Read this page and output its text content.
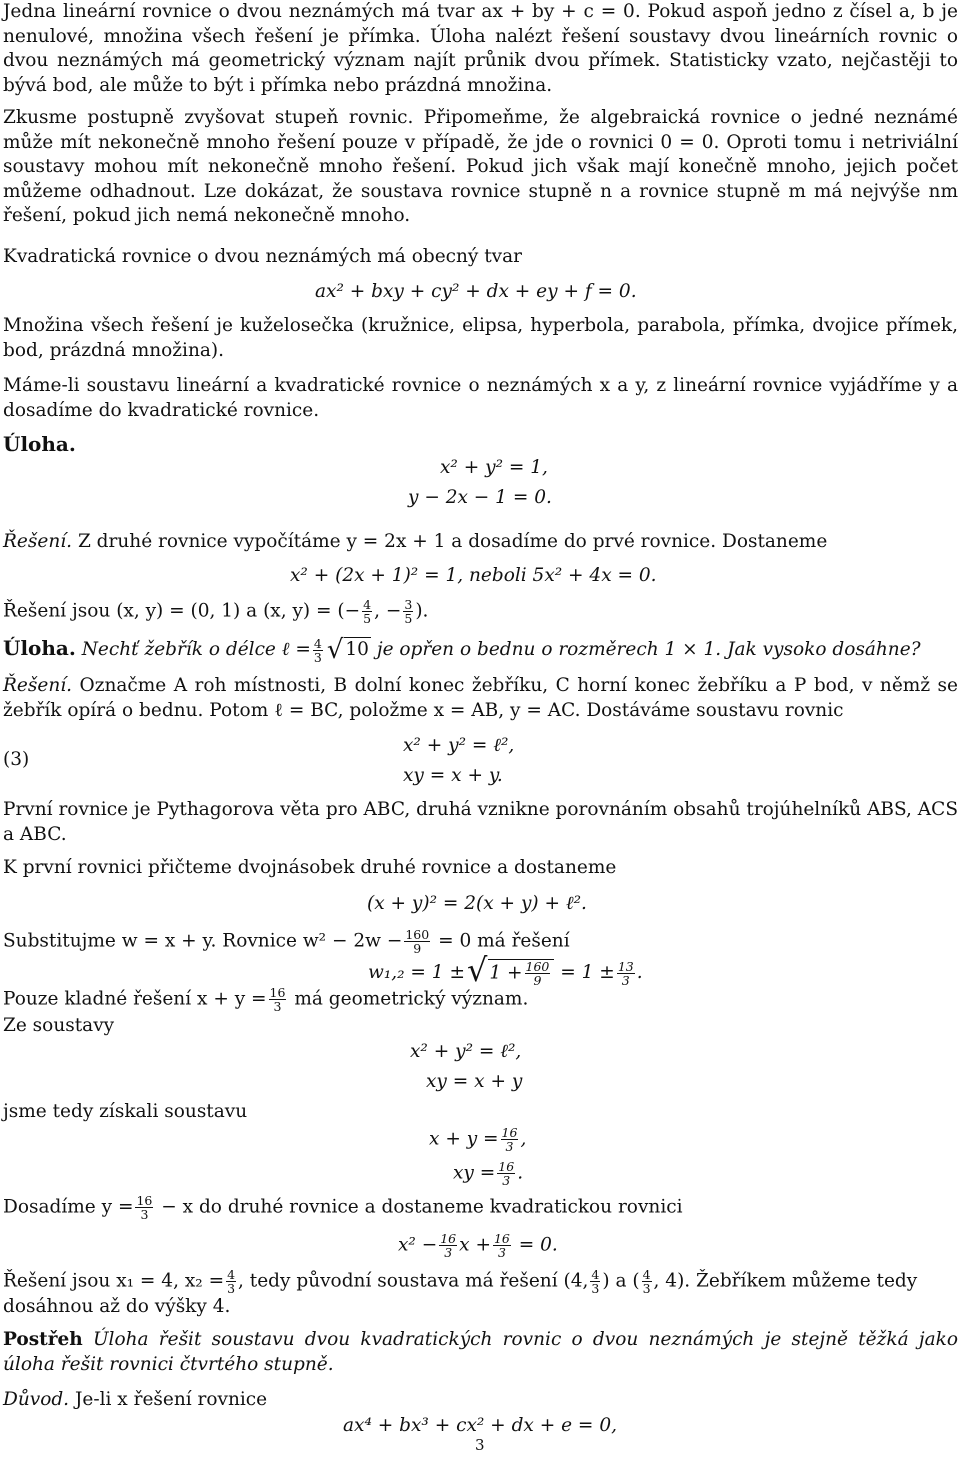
Jedna lineární rovnice o dvou neznámých má tvar ax + by + c = 0. Pokud aspoň jedno z čísel a, b je nenulové, množina všech řešení je přímka. Úloha nalézt řešení soustavy dvou lineárních rovnic o dvou neznámých má geometrický význam najít průnik dvou přímek. Statisticky vzato, nejčastěji to bývá bod, ale může to být i přímka nebo prázdná množina.
Zkusme postupně zvyšovat stupeň rovnic. Připomeňme, že algebraická rovnice o jedné neznámé může mít nekonečně mnoho řešení pouze v případě, že jde o rovnici 0 = 0. Oproti tomu i netriviální soustavy mohou mít nekonečně mnoho řešení. Pokud jich však mají konečně mnoho, jejich počet můžeme odhadnout. Lze dokázat, že soustava rovnice stupně n a rovnice stupně m má nejvýše nm řešení, pokud jich nemá nekonečně mnoho.
Kvadratická rovnice o dvou neznámých má obecný tvar
ax² + bxy + cy² + dx + ey + f = 0.
Množina všech řešení je kuželosečka (kružnice, elipsa, hyperbola, parabola, přímka, dvojice přímek, bod, prázdná množina).
Máme-li soustavu lineární a kvadratické rovnice o neznámých x a y, z lineární rovnice vyjádříme y a dosadíme do kvadratické rovnice.
Úloha.
x² + y² = 1,
y − 2x − 1 = 0.
Řešení. Z druhé rovnice vypočítáme y = 2x + 1 a dosadíme do prvé rovnice. Dostaneme
x² + (2x + 1)² = 1, neboli 5x² + 4x = 0.
Řešení jsou (x, y) = (0, 1) a (x, y) = (− $\frac{4}{5}$ , − $\frac{3}{5}$ ).
Úloha. Nechť žebřík o délce ℓ = $\frac{4}{3}$ √ 10 je opřen o bednu o rozměrech 1 × 1. Jak vysoko dosáhne?
Řešení. Označme A roh místnosti, B dolní konec žebříku, C horní konec žebříku a P bod, v němž se žebřík opírá o bednu. Potom ℓ = BC, položme x = AB, y = AC. Dostáváme soustavu rovnic
(3)
x² + y² = ℓ²,
xy = x + y.
První rovnice je Pythagorova věta pro ABC, druhá vznikne porovnáním obsahů trojúhelníků ABS, ACS a ABC.
K první rovnici přičteme dvojnásobek druhé rovnice a dostaneme
(x + y)² = 2(x + y) + ℓ².
Substitujme w = x + y. Rovnice $w^2 - 2w - \frac{160}{9} = 0$ má řešení
w₁,₂ = 1 ±√ $1 + \frac{160}{9} = 1 \pm \frac{13}{3}$ .
Pouze kladné řešení $x + y = \frac{16}{3}$ má geometrický význam.
Ze soustavy
x² + y² = ℓ²,
xy = x + y
jsme tedy získali soustavu
$x + y = \frac{16}{3}$ ,
xy = $\frac{16}{3}$ .
Dosadíme $y = \frac{16}{3} - x$ do druhé rovnice a dostaneme kvadratickou rovnici
$x^2 - \frac{16}{3}$ $x + \frac{16}{3} = 0$.
Řešení jsou x₁ = 4, $x_2 = \frac{4}{3}$ , tedy původní soustava má řešení (4, $\frac{4}{3}$ ) a ( $\frac{4}{3}$ , 4). Žebříkem můžeme tedy dosáhnou až do výšky 4.
Postřeh Úloha řešit soustavu dvou kvadratických rovnic o dvou neznámých je stejně těžká jako úloha řešit rovnici čtvrtého stupně.
Důvod. Je-li x řešení rovnice
ax⁴ + bx³ + cx² + dx + e = 0,
3
